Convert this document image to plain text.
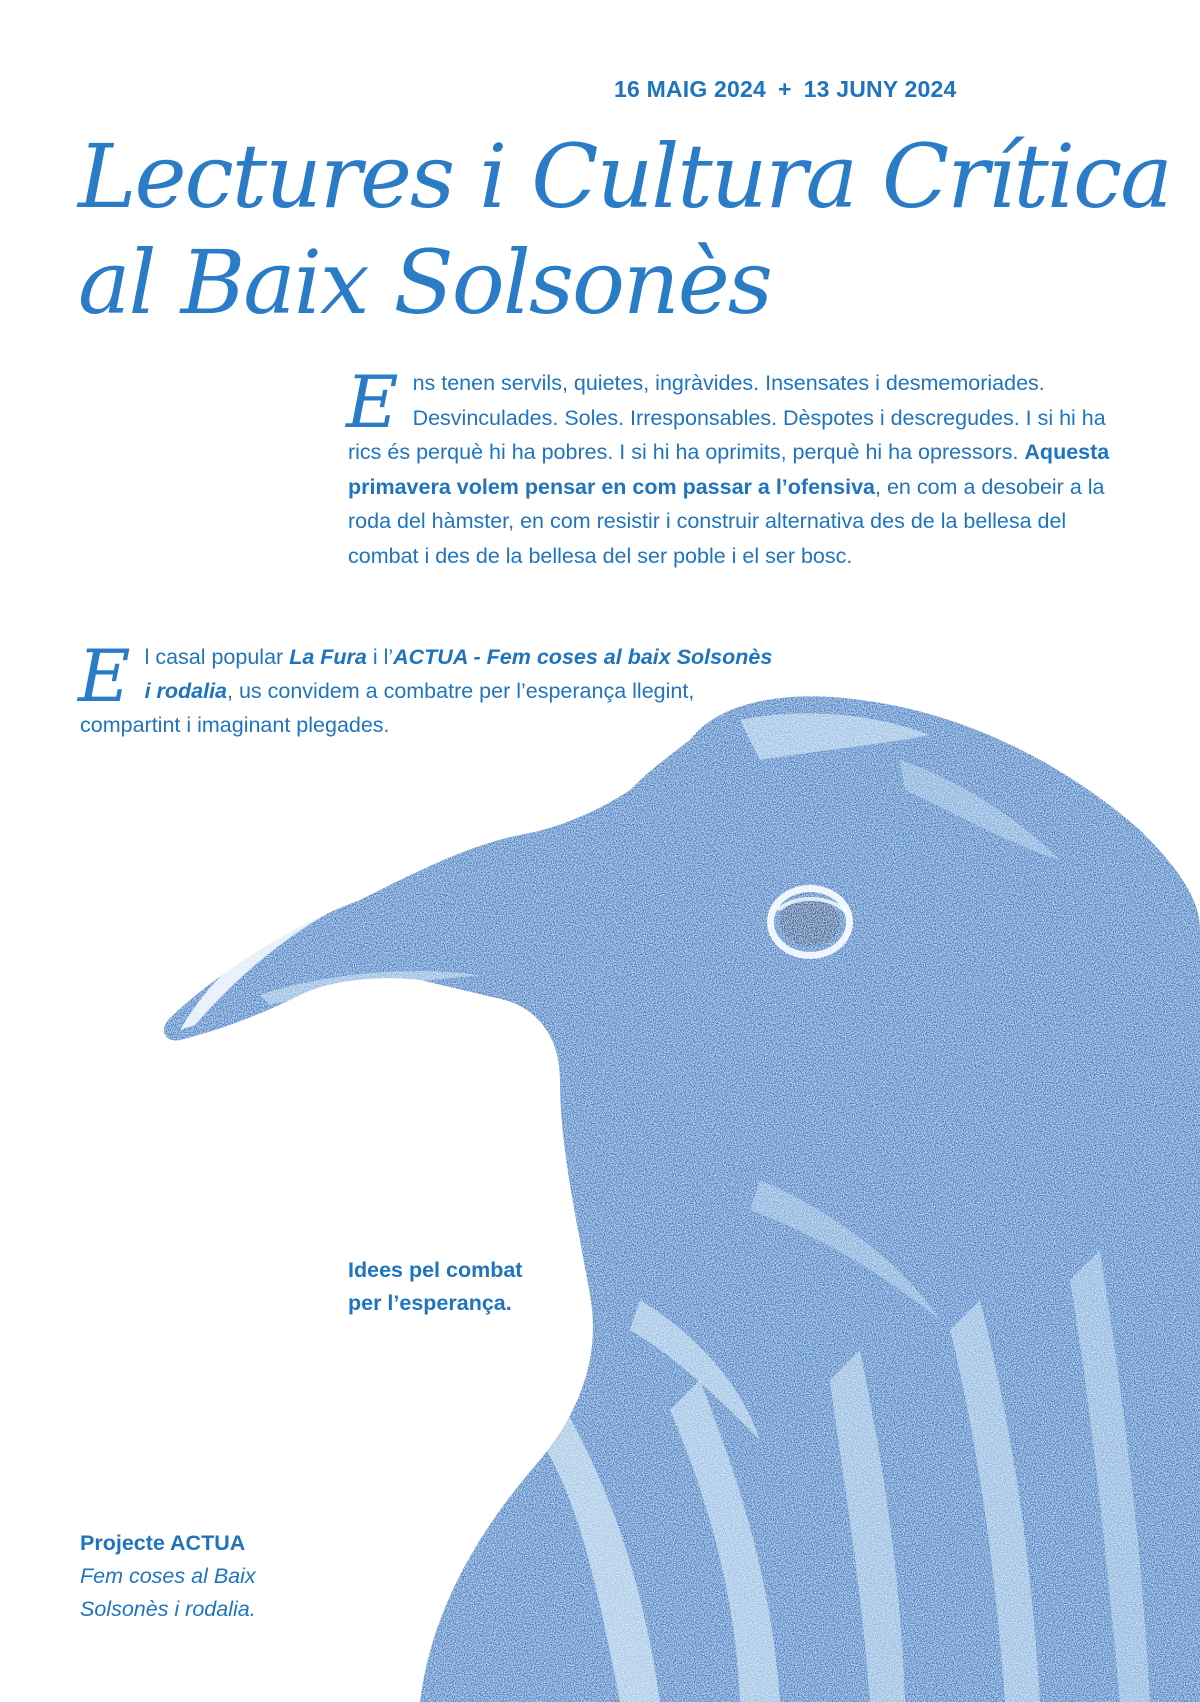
16 MAIG 2024 + 13 JUNY 2024
Lectures i Cultura Crítica
al Baix Solsonès
Ens tenen servils, quietes, ingràvides. Insensates i desmemoriades. Desvinculades. Soles. Irresponsables. Dèspotes i descregudes. I si hi ha rics és perquè hi ha pobres. I si hi ha oprimits, perquè hi ha opressors. Aquesta primavera volem pensar en com passar a l’ofensiva, en com a desobeir a la roda del hàmster, en com resistir i construir alternativa des de la bellesa del combat i des de la bellesa del ser poble i el ser bosc.
El casal popular La Fura i l’ACTUA - Fem coses al baix Solsonès i rodalia, us convidem a combatre per l’esperança llegint, compartint i imaginant plegades.
Idees pel combat
per l’esperança.
Projecte ACTUA
Fem coses al Baix
Solsonès i rodalia.
